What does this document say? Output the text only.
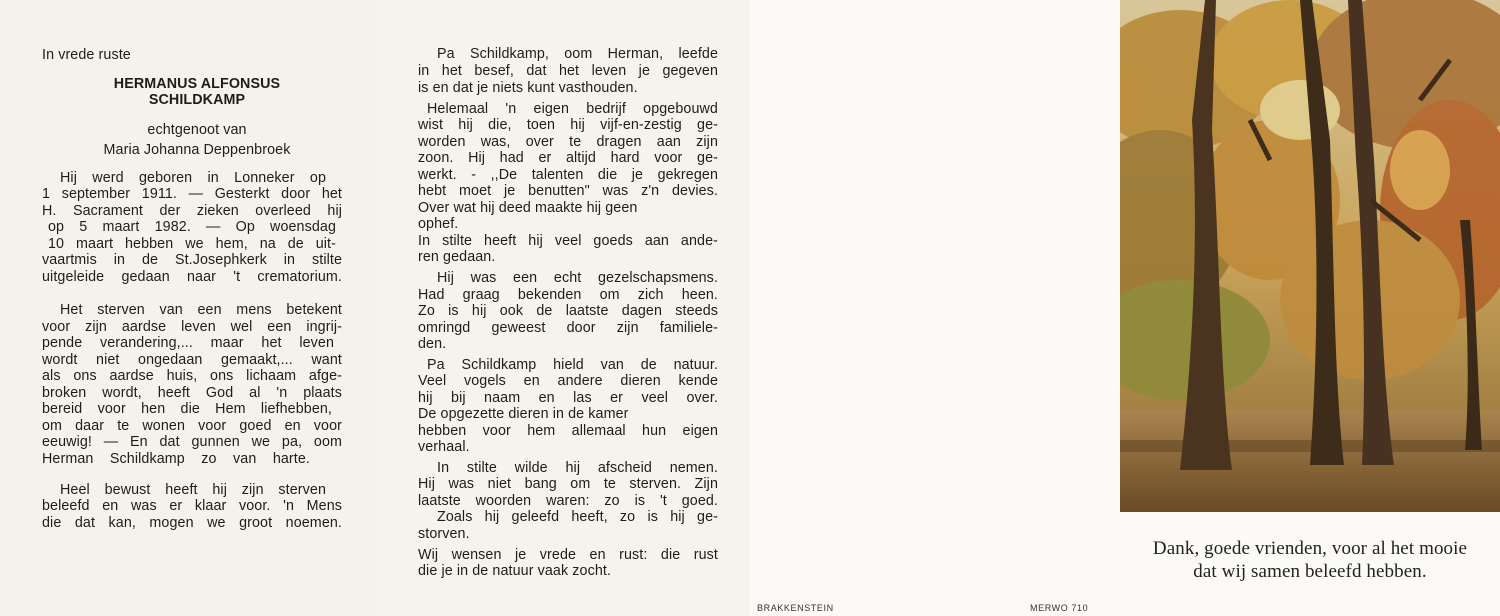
In vrede ruste
HERMANUS ALFONSUS
SCHILDKAMP
echtgenoot van
Maria Johanna Deppenbroek
Hij werd geboren in Lonneker op
1 september 1911. — Gesterkt door het
H. Sacrament der zieken overleed hij
op 5 maart 1982. — Op woensdag
10 maart hebben we hem, na de uit-
vaartmis in de St.Josephkerk in stilte
uitgeleide gedaan naar 't crematorium.
Het sterven van een mens betekent
voor zijn aardse leven wel een ingrij-
pende verandering,... maar het leven
wordt niet ongedaan gemaakt,... want
als ons aardse huis, ons lichaam afge-
broken wordt, heeft God al 'n plaats
bereid voor hen die Hem liefhebben,
om daar te wonen voor goed en voor
eeuwig! — En dat gunnen we pa, oom
Herman Schildkamp zo van harte.
Heel bewust heeft hij zijn sterven
beleefd en was er klaar voor. 'n Mens
die dat kan, mogen we groot noemen.
Pa Schildkamp, oom Herman, leefde
in het besef, dat het leven je gegeven
is en dat je niets kunt vasthouden.
Helemaal 'n eigen bedrijf opgebouwd
wist hij die, toen hij vijf-en-zestig ge-
worden was, over te dragen aan zijn
zoon. Hij had er altijd hard voor ge-
werkt. - ,,De talenten die je gekregen
hebt moet je benutten" was z'n devies.
Over wat hij deed maakte hij geen
ophef.
In stilte heeft hij veel goeds aan ande-
ren gedaan.
Hij was een echt gezelschapsmens.
Had graag bekenden om zich heen.
Zo is hij ook de laatste dagen steeds
omringd geweest door zijn familiele-
den.
Pa Schildkamp hield van de natuur.
Veel vogels en andere dieren kende
hij bij naam en las er veel over.
De opgezette dieren in de kamer
hebben voor hem allemaal hun eigen
verhaal.
In stilte wilde hij afscheid nemen.
Hij was niet bang om te sterven. Zijn
laatste woorden waren: zo is 't goed.
Zoals hij geleefd heeft, zo is hij ge-
storven.
Wij wensen je vrede en rust: die rust
die je in de natuur vaak zocht.
BRAKKENSTEIN	MERWO 710
Dank, goede vrienden, voor al het mooie
dat wij samen beleefd hebben.
